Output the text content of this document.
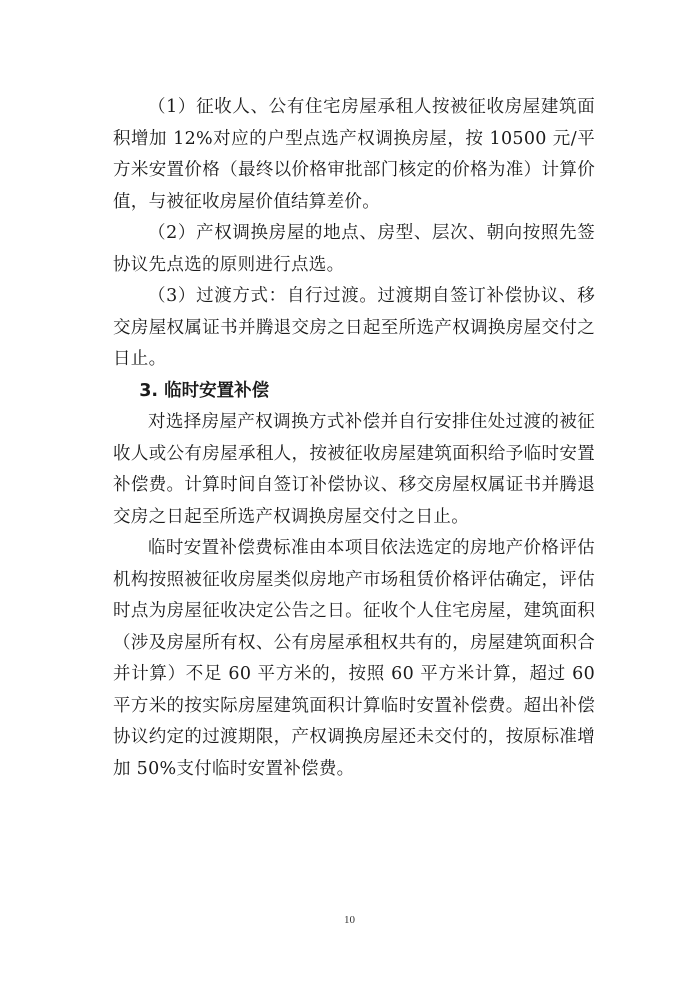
（1）征收人、公有住宅房屋承租人按被征收房屋建筑面积增加 12%对应的户型点选产权调换房屋，按 10500 元/平方米安置价格（最终以价格审批部门核定的价格为准）计算价值，与被征收房屋价值结算差价。

（2）产权调换房屋的地点、房型、层次、朝向按照先签协议先点选的原则进行点选。

（3）过渡方式：自行过渡。过渡期自签订补偿协议、移交房屋权属证书并腾退交房之日起至所选产权调换房屋交付之日止。

3. 临时安置补偿

对选择房屋产权调换方式补偿并自行安排住处过渡的被征收人或公有房屋承租人，按被征收房屋建筑面积给予临时安置补偿费。计算时间自签订补偿协议、移交房屋权属证书并腾退交房之日起至所选产权调换房屋交付之日止。

临时安置补偿费标准由本项目依法选定的房地产价格评估机构按照被征收房屋类似房地产市场租赁价格评估确定，评估时点为房屋征收决定公告之日。征收个人住宅房屋，建筑面积（涉及房屋所有权、公有房屋承租权共有的，房屋建筑面积合并计算）不足 60 平方米的，按照 60 平方米计算，超过 60 平方米的按实际房屋建筑面积计算临时安置补偿费。超出补偿协议约定的过渡期限，产权调换房屋还未交付的，按原标准增加 50%支付临时安置补偿费。

10
